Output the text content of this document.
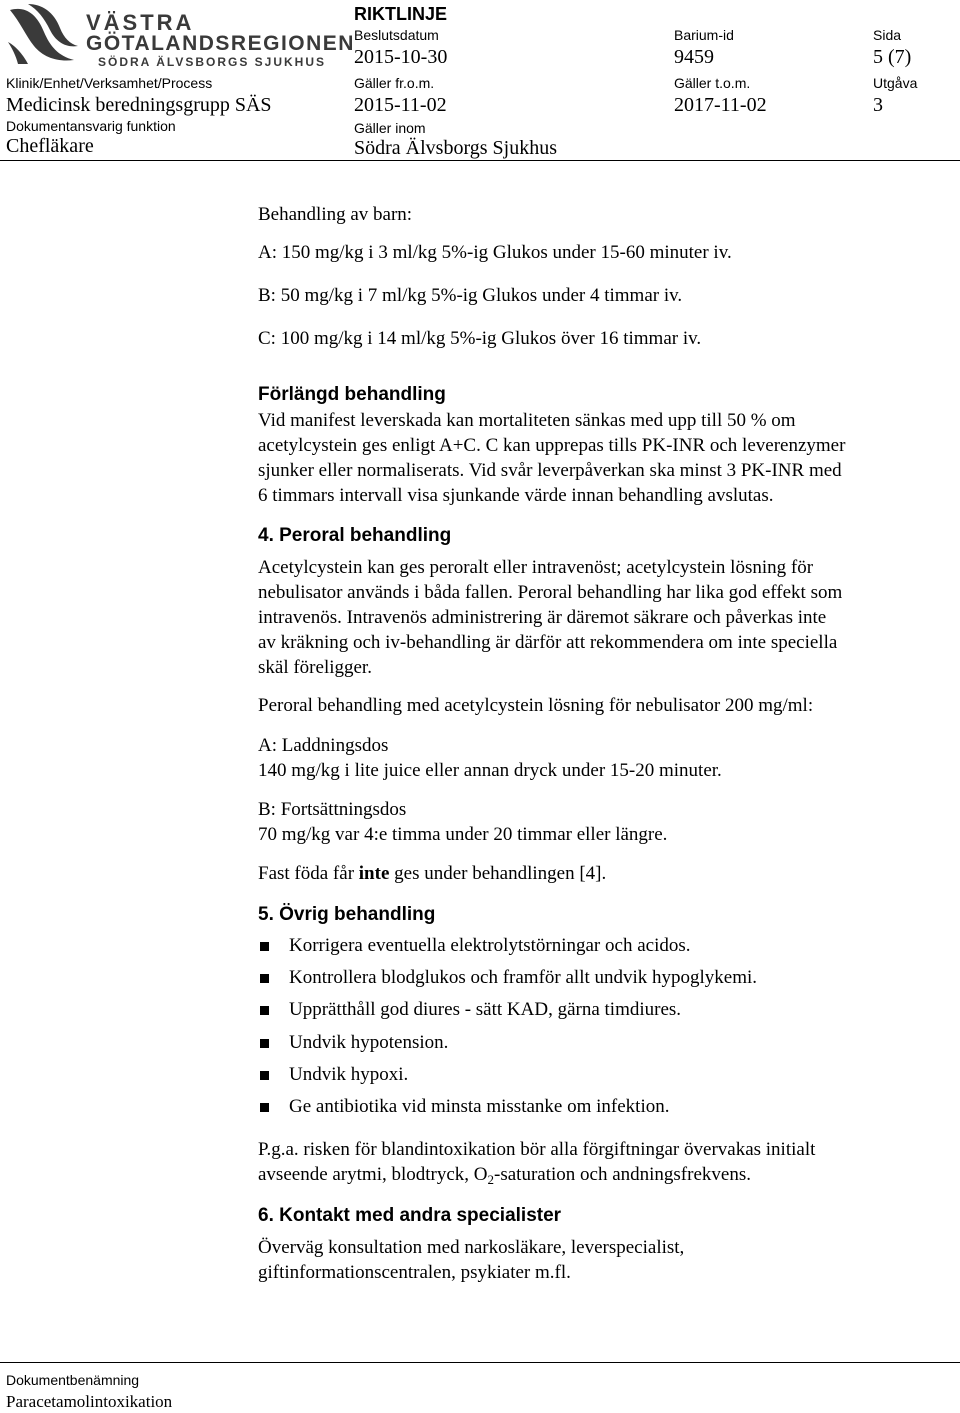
VÄSTRA
GÖTALANDSREGIONEN
SÖDRA ÄLVSBORGS SJUKHUS
RIKTLINJE
Beslutsdatum
2015-10-30
Barium-id
9459
Sida
5 (7)
Klinik/Enhet/Verksamhet/Process
Medicinsk beredningsgrupp SÄS
Gäller fr.o.m.
2015-11-02
Gäller t.o.m.
2017-11-02
Utgåva
3
Dokumentansvarig funktion
Chefläkare
Gäller inom
Södra Älvsborgs Sjukhus
Behandling av barn:
A: 150 mg/kg i 3 ml/kg 5%-ig Glukos under 15-60 minuter iv.
B: 50 mg/kg i 7 ml/kg 5%-ig Glukos under 4 timmar iv.
C: 100 mg/kg i 14 ml/kg 5%-ig Glukos över 16 timmar iv.
Förlängd behandling
Vid manifest leverskada kan mortaliteten sänkas med upp till 50 % om
acetylcystein ges enligt A+C. C kan upprepas tills PK-INR och leverenzymer
sjunker eller normaliserats. Vid svår leverpåverkan ska minst 3 PK-INR med
6 timmars intervall visa sjunkande värde innan behandling avslutas.
4. Peroral behandling
Acetylcystein kan ges peroralt eller intravenöst; acetylcystein lösning för
nebulisator används i båda fallen. Peroral behandling har lika god effekt som
intravenös. Intravenös administrering är däremot säkrare och påverkas inte
av kräkning och iv-behandling är därför att rekommendera om inte speciella
skäl föreligger.
Peroral behandling med acetylcystein lösning för nebulisator 200 mg/ml:
A: Laddningsdos
140 mg/kg i lite juice eller annan dryck under 15-20 minuter.
B: Fortsättningsdos
70 mg/kg var 4:e timma under 20 timmar eller längre.
Fast föda får inte ges under behandlingen [4].
5. Övrig behandling
Korrigera eventuella elektrolytstörningar och acidos.
Kontrollera blodglukos och framför allt undvik hypoglykemi.
Upprätthåll god diures - sätt KAD, gärna timdiures.
Undvik hypotension.
Undvik hypoxi.
Ge antibiotika vid minsta misstanke om infektion.
P.g.a. risken för blandintoxikation bör alla förgiftningar övervakas initialt
avseende arytmi, blodtryck, $O_2$-saturation och andningsfrekvens.
6. Kontakt med andra specialister
Överväg konsultation med narkosläkare, leverspecialist,
giftinformationscentralen, psykiater m.fl.
Dokumentbenämning
Paracetamolintoxikation
